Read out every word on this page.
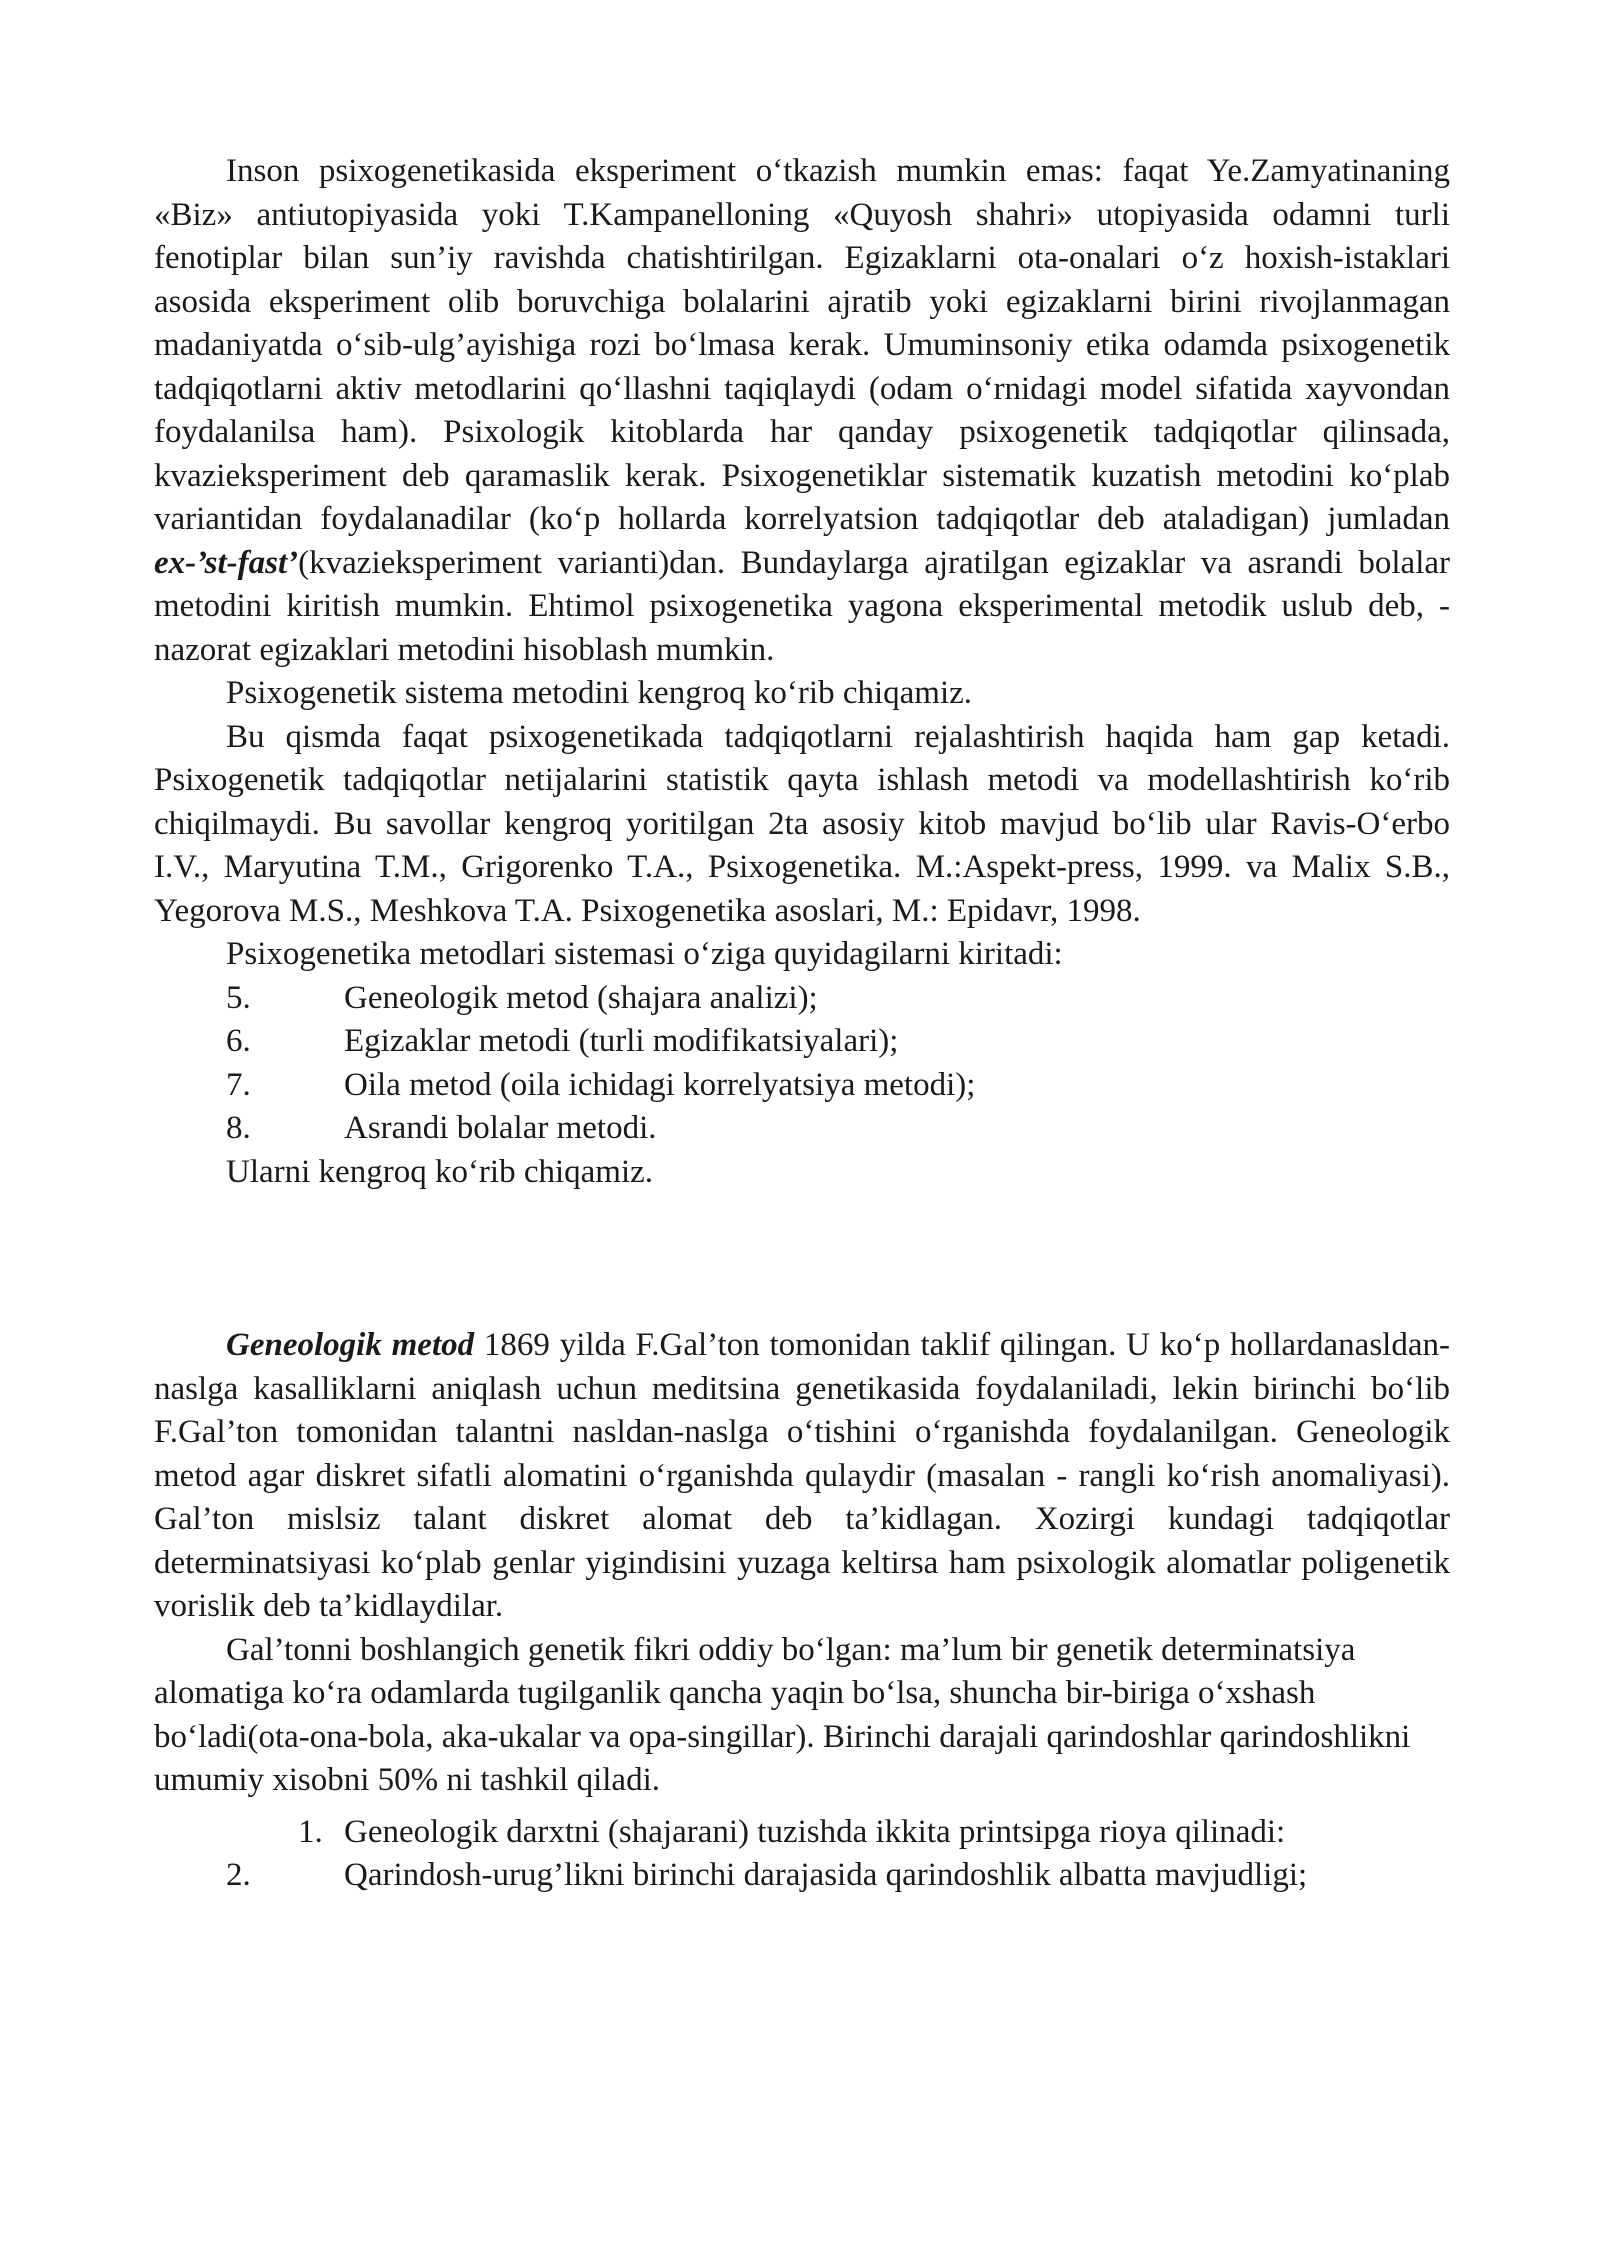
Inson psixogenetikasida eksperiment o‘tkazish mumkin emas: faqat Ye.Zamyatinaning «Biz» antiutopiyasida yoki T.Kampanelloning «Quyosh shahri» utopiyasida odamni turli fenotiplar bilan sun’iy ravishda chatishtirilgan. Egizaklarni ota-onalari o‘z hoxish-istaklari asosida eksperiment olib boruvchiga bolalarini ajratib yoki egizaklarni birini rivojlanmagan madaniyatda o‘sib-ulg’ayishiga rozi bo‘lmasa kerak. Umuminsoniy etika odamda psixogenetik tadqiqotlarni aktiv metodlarini qo‘llashni taqiqlaydi (odam o‘rnidagi model sifatida xayvondan foydalanilsa ham). Psixologik kitoblarda har qanday psixogenetik tadqiqotlar qilinsada, kvazieksperiment deb qaramaslik kerak. Psixogenetiklar sistematik kuzatish metodini ko‘plab variantidan foydalanadilar (ko‘p hollarda korrelyatsion tadqiqotlar deb ataladigan) jumladan ex-’st-fast’(kvazieksperiment varianti)dan. Bundaylarga ajratilgan egizaklar va asrandi bolalar metodini kiritish mumkin. Ehtimol psixogenetika yagona eksperimental metodik uslub deb, - nazorat egizaklari metodini hisoblash mumkin.

Psixogenetik sistema metodini kengroq ko‘rib chiqamiz.

Bu qismda faqat psixogenetikada tadqiqotlarni rejalashtirish haqida ham gap ketadi. Psixogenetik tadqiqotlar netijalarini statistik qayta ishlash metodi va modellashtirish ko‘rib chiqilmaydi. Bu savollar kengroq yoritilgan 2ta asosiy kitob mavjud bo‘lib ular Ravis-O‘erbo I.V., Maryutina T.M., Grigorenko T.A., Psixogenetika. M.:Aspekt-press, 1999. va Malix S.B., Yegorova M.S., Meshkova T.A. Psixogenetika asoslari, M.: Epidavr, 1998.

Psixogenetika metodlari sistemasi o‘ziga quyidagilarni kiritadi:

5.	Geneologik metod (shajara analizi);

6.	Egizaklar metodi (turli modifikatsiyalari);

7.	Oila metod (oila ichidagi korrelyatsiya metodi);

8.	Asrandi bolalar metodi.

Ularni kengroq ko‘rib chiqamiz.

Geneologik metod 1869 yilda F.Gal’ton tomonidan taklif qilingan. U ko‘p hollardanasldan-naslga kasalliklarni aniqlash uchun meditsina genetikasida foydalaniladi, lekin birinchi bo‘lib F.Gal’ton tomonidan talantni nasldan-naslga o‘tishini o‘rganishda foydalanilgan. Geneologik metod agar diskret sifatli alomatini o‘rganishda qulaydir (masalan - rangli ko‘rish anomaliyasi). Gal’ton mislsiz talant diskret alomat deb ta’kidlagan. Xozirgi kundagi tadqiqotlar determinatsiyasi ko‘plab genlar yigindisini yuzaga keltirsa ham psixologik alomatlar poligenetik vorislik deb ta’kidlaydilar.

Gal’tonni boshlangich genetik fikri oddiy bo‘lgan: ma’lum bir genetik determinatsiya alomatiga ko‘ra odamlarda tugilganlik qancha yaqin bo‘lsa, shuncha bir-biriga o‘xshash bo‘ladi(ota-ona-bola, aka-ukalar va opa-singillar). Birinchi darajali qarindoshlar qarindoshlikni umumiy xisobni 50% ni tashkil qiladi.

1. Geneologik darxtni (shajarani) tuzishda ikkita printsipga rioya qilinadi:

2.	Qarindosh-urug’likni birinchi darajasida qarindoshlik albatta mavjudligi;
